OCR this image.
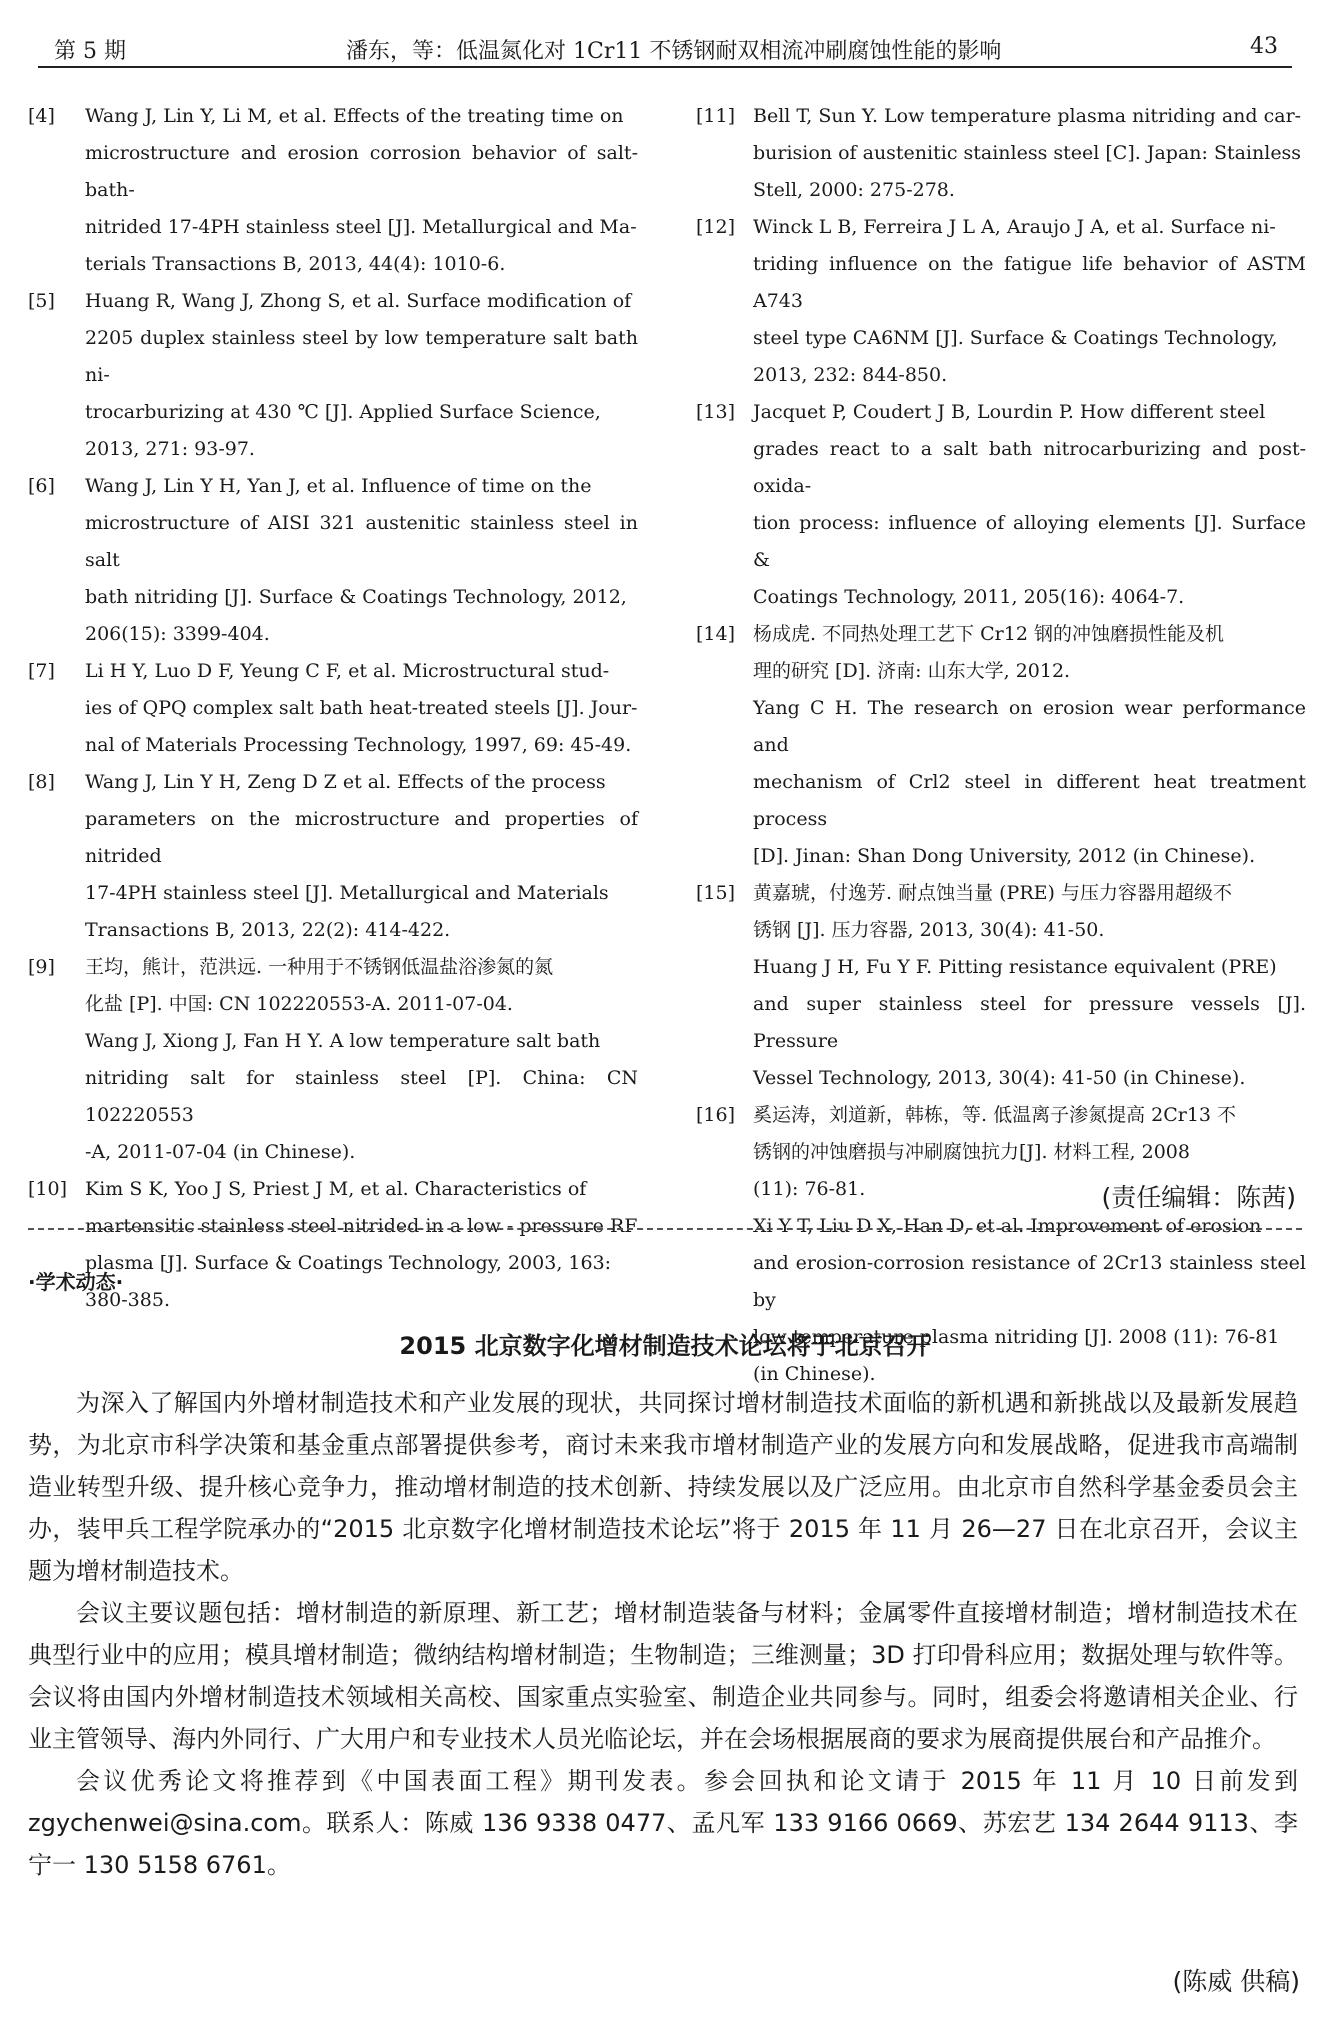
第 5 期	潘东，等：低温氮化对 1Cr11 不锈钢耐双相流冲刷腐蚀性能的影响	43
[4]	Wang J, Lin Y, Li M, et al. Effects of the treating time on
microstructure and erosion corrosion behavior of salt-bath-
nitrided 17-4PH stainless steel [J]. Metallurgical and Ma-
terials Transactions B, 2013, 44(4): 1010-6.
[5]	Huang R, Wang J, Zhong S, et al. Surface modification of
2205 duplex stainless steel by low temperature salt bath ni-
trocarburizing at 430 ℃ [J]. Applied Surface Science,
2013, 271: 93-97.
[6]	Wang J, Lin Y H, Yan J, et al. Influence of time on the
microstructure of AISI 321 austenitic stainless steel in salt
bath nitriding [J]. Surface & Coatings Technology, 2012,
206(15): 3399-404.
[7]	Li H Y, Luo D F, Yeung C F, et al. Microstructural stud-
ies of QPQ complex salt bath heat-treated steels [J]. Jour-
nal of Materials Processing Technology, 1997, 69: 45-49.
[8]	Wang J, Lin Y H, Zeng D Z et al. Effects of the process
parameters on the microstructure and properties of nitrided
17-4PH stainless steel [J]. Metallurgical and Materials
Transactions B, 2013, 22(2): 414-422.
[9]	王均，熊计，范洪远. 一种用于不锈钢低温盐浴渗氮的氮
化盐 [P]. 中国: CN 102220553-A. 2011-07-04.
Wang J, Xiong J, Fan H Y. A low temperature salt bath
nitriding salt for stainless steel [P]. China: CN 102220553
-A, 2011-07-04 (in Chinese).
[10] Kim S K, Yoo J S, Priest J M, et al. Characteristics of
martensitic stainless steel nitrided in a low - pressure RF
plasma [J]. Surface & Coatings Technology, 2003, 163:
380-385.
[11] Bell T, Sun Y. Low temperature plasma nitriding and car-
burision of austenitic stainless steel [C]. Japan: Stainless
Stell, 2000: 275-278.
[12] Winck L B, Ferreira J L A, Araujo J A, et al. Surface ni-
triding influence on the fatigue life behavior of ASTM A743
steel type CA6NM [J]. Surface & Coatings Technology,
2013, 232: 844-850.
[13] Jacquet P, Coudert J B, Lourdin P. How different steel
grades react to a salt bath nitrocarburizing and post-oxida-
tion process: influence of alloying elements [J]. Surface &
Coatings Technology, 2011, 205(16): 4064-7.
[14] 杨成虎. 不同热处理工艺下 Cr12 钢的冲蚀磨损性能及机
理的研究 [D]. 济南: 山东大学, 2012.
Yang C H. The research on erosion wear performance and
mechanism of Crl2 steel in different heat treatment process
[D]. Jinan: Shan Dong University, 2012 (in Chinese).
[15] 黄嘉琥，付逸芳. 耐点蚀当量 (PRE) 与压力容器用超级不
锈钢 [J]. 压力容器, 2013, 30(4): 41-50.
Huang J H, Fu Y F. Pitting resistance equivalent (PRE)
and super stainless steel for pressure vessels [J]. Pressure
Vessel Technology, 2013, 30(4): 41-50 (in Chinese).
[16] 奚运涛，刘道新，韩栋，等. 低温离子渗氮提高 2Cr13 不
锈钢的冲蚀磨损与冲刷腐蚀抗力[J]. 材料工程, 2008
(11): 76-81.
Xi Y T, Liu D X, Han D, et al. Improvement of erosion
and erosion-corrosion resistance of 2Cr13 stainless steel by
low temperature plasma nitriding [J]. 2008 (11): 76-81
(in Chinese).
(责任编辑：陈茜)
·学术动态·
2015 北京数字化增材制造技术论坛将于北京召开

为深入了解国内外增材制造技术和产业发展的现状，共同探讨增材制造技术面临的新机遇和新挑战以及最新发展趋势，为北京市科学决策和基金重点部署提供参考，商讨未来我市增材制造产业的发展方向和发展战略，促进我市高端制造业转型升级、提升核心竞争力，推动增材制造的技术创新、持续发展以及广泛应用。由北京市自然科学基金委员会主办，装甲兵工程学院承办的“2015 北京数字化增材制造技术论坛”将于 2015 年 11 月 26—27 日在北京召开，会议主题为增材制造技术。

会议主要议题包括：增材制造的新原理、新工艺；增材制造装备与材料；金属零件直接增材制造；增材制造技术在典型行业中的应用；模具增材制造；微纳结构增材制造；生物制造；三维测量；3D 打印骨科应用；数据处理与软件等。会议将由国内外增材制造技术领域相关高校、国家重点实验室、制造企业共同参与。同时，组委会将邀请相关企业、行业主管领导、海内外同行、广大用户和专业技术人员光临论坛，并在会场根据展商的要求为展商提供展台和产品推介。

会议优秀论文将推荐到《中国表面工程》期刊发表。参会回执和论文请于 2015 年 11 月 10 日前发到 zgychenwei@sina.com。联系人：陈威 136 9338 0477、孟凡军 133 9166 0669、苏宏艺 134 2644 9113、李宁一 130 5158 6761。

(陈威 供稿)
